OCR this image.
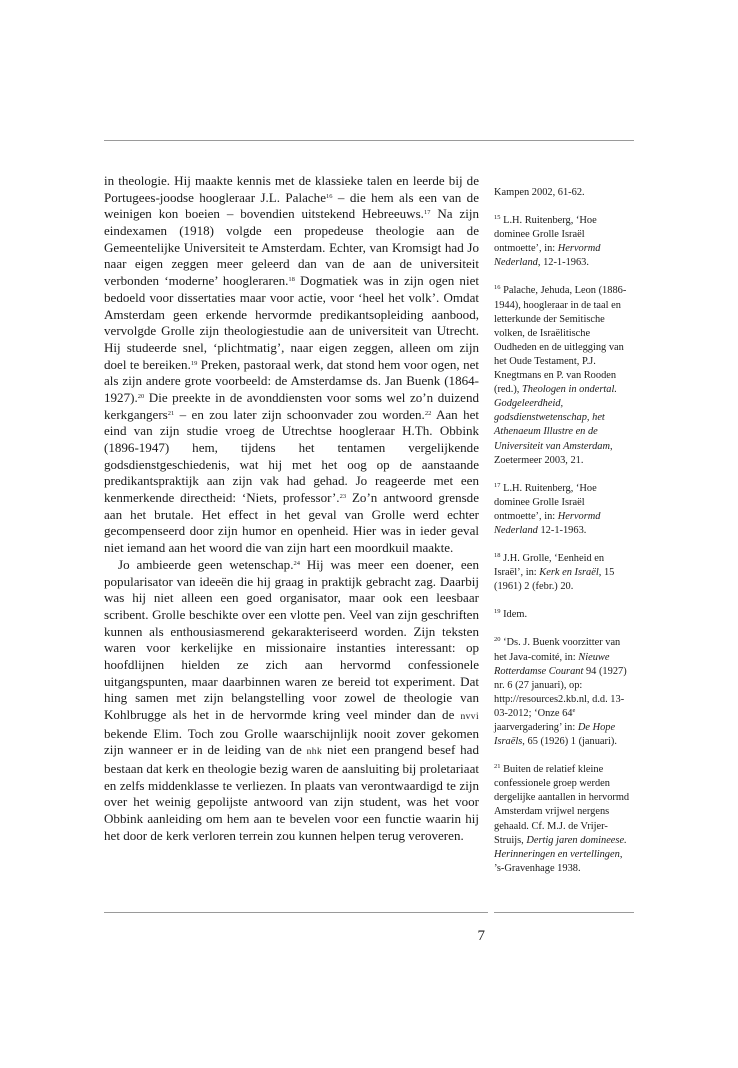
in theologie. Hij maakte kennis met de klassieke talen en leerde bij de Portugees-joodse hoogleraar J.L. Palache$^{16}$ – die hem als een van de weinigen kon boeien – bovendien uitstekend Hebreeuws.$^{17}$ Na zijn eindexamen (1918) volgde een propedeuse theologie aan de Gemeentelijke Universiteit te Amsterdam. Echter, van Kromsigt had Jo naar eigen zeggen meer geleerd dan van de aan de universiteit verbonden ‘moderne’ hoogleraren.$^{18}$ Dogmatiek was in zijn ogen niet bedoeld voor dissertaties maar voor actie, voor ‘heel het volk’. Omdat Amsterdam geen erkende hervormde predikantsopleiding aanbood, vervolgde Grolle zijn theologiestudie aan de universiteit van Utrecht. Hij studeerde snel, ‘plichtmatig’, naar eigen zeggen, alleen om zijn doel te bereiken.$^{19}$ Preken, pastoraal werk, dat stond hem voor ogen, net als zijn andere grote voorbeeld: de Amsterdamse ds. Jan Buenk (1864-1927).$^{20}$ Die preekte in de avonddiensten voor soms wel zo’n duizend kerkgangers$^{21}$ – en zou later zijn schoonvader zou worden.$^{22}$ Aan het eind van zijn studie vroeg de Utrechtse hoogleraar H.Th. Obbink (1896-1947) hem, tijdens het tentamen vergelijkende godsdienstgeschiedenis, wat hij met het oog op de aanstaande predikantspraktijk aan zijn vak had gehad. Jo reageerde met een kenmerkende directheid: ‘Niets, professor’.$^{23}$ Zo’n antwoord grensde aan het brutale. Het effect in het geval van Grolle werd echter gecompenseerd door zijn humor en openheid. Hier was in ieder geval niet iemand aan het woord die van zijn hart een moordkuil maakte.

Jo ambieerde geen wetenschap.$^{24}$ Hij was meer een doener, een popularisator van ideeën die hij graag in praktijk gebracht zag. Daarbij was hij niet alleen een goed organisator, maar ook een leesbaar scribent. Grolle beschikte over een vlotte pen. Veel van zijn geschriften kunnen als enthousiasmerend gekarakteriseerd worden. Zijn teksten waren voor kerkelijke en missionaire instanties interessant: op hoofdlijnen hielden ze zich aan hervormd confessionele uitgangspunten, maar daarbinnen waren ze bereid tot experiment. Dat hing samen met zijn belangstelling voor zowel de theologie van Kohlbrugge als het in de hervormde kring veel minder dan de nvvi bekende Elim. Toch zou Grolle waarschijnlijk nooit zover gekomen zijn wanneer er in de leiding van de nhk niet een prangend besef had bestaan dat kerk en theologie bezig waren de aansluiting bij proletariaat en zelfs middenklasse te verliezen. In plaats van verontwaardigd te zijn over het weinig gepolijste antwoord van zijn student, was het voor Obbink aanleiding om hem aan te bevelen voor een functie waarin hij het door de kerk verloren terrein zou kunnen helpen terug veroveren.

Kampen 2002, 61-62.

$^{15}$ L.H. Ruitenberg, ‘Hoe dominee Grolle Israël ontmoette’, in: Hervormd Nederland, 12-1-1963.

$^{16}$ Palache, Jehuda, Leon (1886-1944), hoogleraar in de taal en letterkunde der Semitische volken, de Israëlitische Oudheden en de uitlegging van het Oude Testament, P.J. Knegtmans en P. van Rooden (red.), Theologen in ondertal. Godgeleerdheid, godsdienstwetenschap, het Athenaeum Illustre en de Universiteit van Amsterdam, Zoetermeer 2003, 21.

$^{17}$ L.H. Ruitenberg, ‘Hoe dominee Grolle Israël ontmoette’, in: Hervormd Nederland 12-1-1963.

$^{18}$ J.H. Grolle, ‘Eenheid en Israël’, in: Kerk en Israël, 15 (1961) 2 (febr.) 20.

$^{19}$ Idem.

$^{20}$ ‘Ds. J. Buenk voorzitter van het Java-comité, in: Nieuwe Rotterdamse Courant 94 (1927) nr. 6 (27 januari), op: http://resources2.kb.nl, d.d. 13-03-2012; ‘Onze 64e jaarvergadering’ in: De Hope Israëls, 65 (1926) 1 (januari).

$^{21}$ Buiten de relatief kleine confessionele groep werden dergelijke aantallen in hervormd Amsterdam vrijwel nergens gehaald. Cf. M.J. de Vrijer-Struijs, Dertig jaren domineese. Herinneringen en vertellingen, ’s-Gravenhage 1938.

7
